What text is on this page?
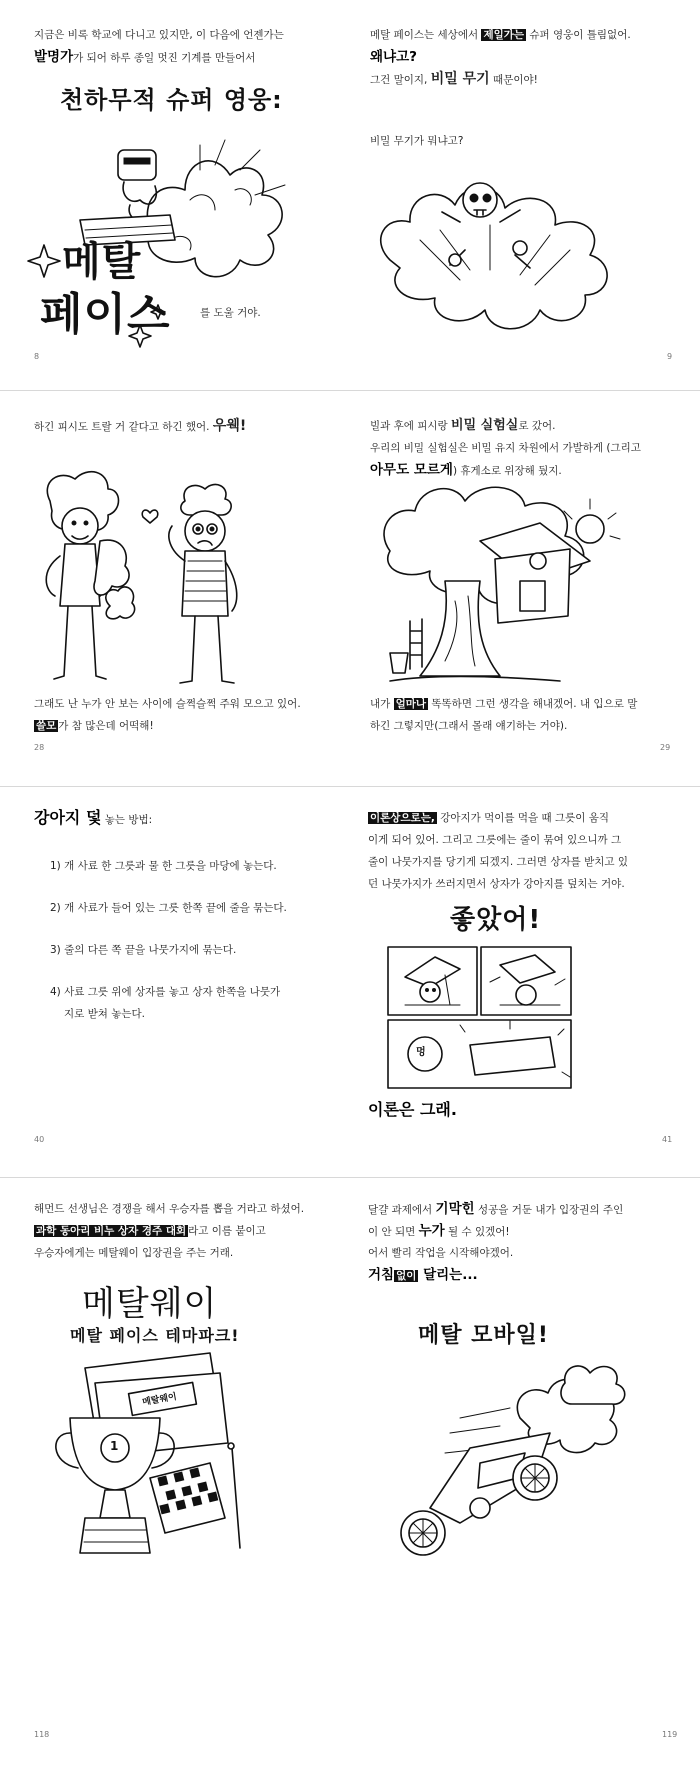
지금은 비록 학교에 다니고 있지만, 이 다음에 언젠가는
발명가가 되어 하루 종일 멋진 기계를 만들어서
천하무적 슈퍼 영웅:
메탈
페이스	를 도울 거야.
8
메탈 페이스는 세상에서 제일가는 슈퍼 영웅이 틀림없어.
왜냐고?
그건 말이지, 비밀 무기 때문이야!
비밀 무기가 뭐냐고?
9
하긴 피시도 트랄 거 같다고 하긴 했어. 우웩!
그래도 난 누가 안 보는 사이에 슬쩍슬쩍 주워 모으고 있어.
쓸모 가 참 많은데 어떡해!
28
빌과 후에 피시랑 비밀 실험실로 갔어.
우리의 비밀 실험실은 비밀 유지 차원에서 가발하게 (그리고
아무도 모르게) 휴게소로 위장해 뒀지.
내가 얼마나 똑똑하면 그런 생각을 해내겠어. 내 입으로 말
하긴 그렇지만(그래서 몰래 얘기하는 거야).
29
강아지 덫 놓는 방법:
1) 개 사료 한 그릇과 물 한 그릇을 마당에 놓는다.
2) 개 사료가 들어 있는 그릇 한쪽 끝에 줄을 묶는다.
3) 줄의 다른 쪽 끝을 나뭇가지에 묶는다.
4) 사료 그릇 위에 상자를 놓고 상자 한쪽을 나뭇가
지로 받쳐 놓는다.
40
이론상으로는, 강아지가 먹이를 먹을 때 그릇이 움직
이게 되어 있어. 그리고 그릇에는 줄이 묶여 있으니까 그
줄이 나뭇가지를 당기게 되겠지. 그러면 상자를 받치고 있
던 나뭇가지가 쓰러지면서 상자가 강아지를 덮치는 거야.
좋았어!
멍
이론은 그래.
41
해먼드 선생님은 경쟁을 해서 우승자를 뽑을 거라고 하셨어.
과학 동아리 비누 상자 경주 대회 라고 이름 붙이고
우승자에게는 메탈웨이 입장권을 주는 거래.
메탈웨이
메탈 페이스 테마파크!
메탈웨이
1
118
달걀 과제에서 기막힌 성공을 거둔 내가 입장권의 주인
이 안 되면 누가 될 수 있겠어!
어서 빨리 작업을 시작해야겠어.
거침 없이 달리는...
메탈 모바일!
119
